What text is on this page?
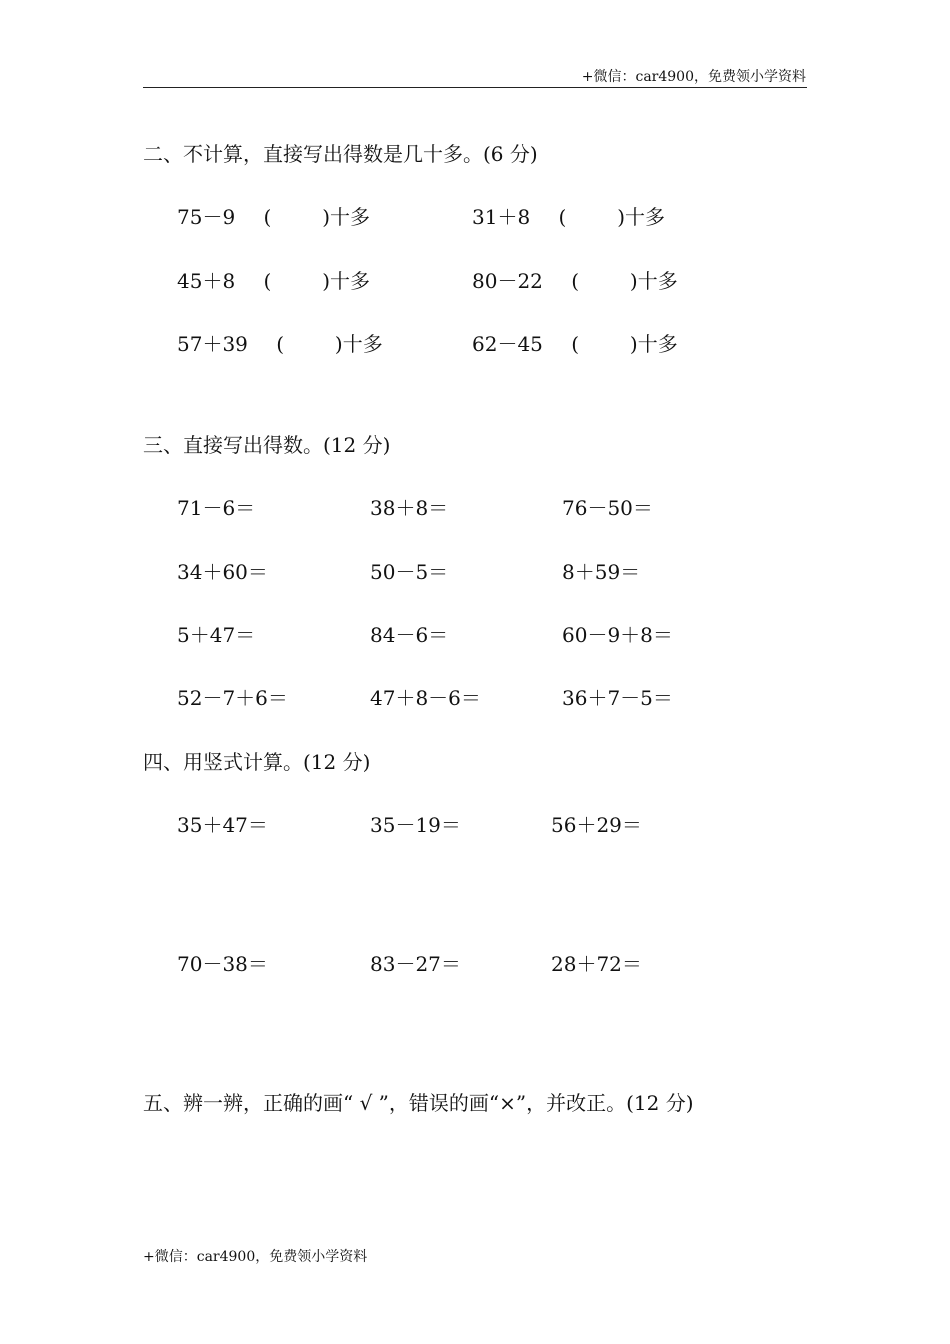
+微信：car4900，免费领小学资料
二、不计算，直接写出得数是几十多。(6 分)
75－9 (        )十多	31＋8 (        )十多
45＋8 (        )十多	80－22 (        )十多
57＋39 (        )十多	62－45 (        )十多
三、直接写出得数。(12 分)
71－6＝	38＋8＝	76－50＝
34＋60＝	50－5＝	8＋59＝
5＋47＝	84－6＝	60－9＋8＝
52－7＋6＝	47＋8－6＝	36＋7－5＝
四、用竖式计算。(12 分)
35＋47＝	35－19＝	56＋29＝
70－38＝	83－27＝	28＋72＝
五、辨一辨，正确的画“ √ ”，错误的画“×”，并改正。(12 分)
+微信：car4900，免费领小学资料
